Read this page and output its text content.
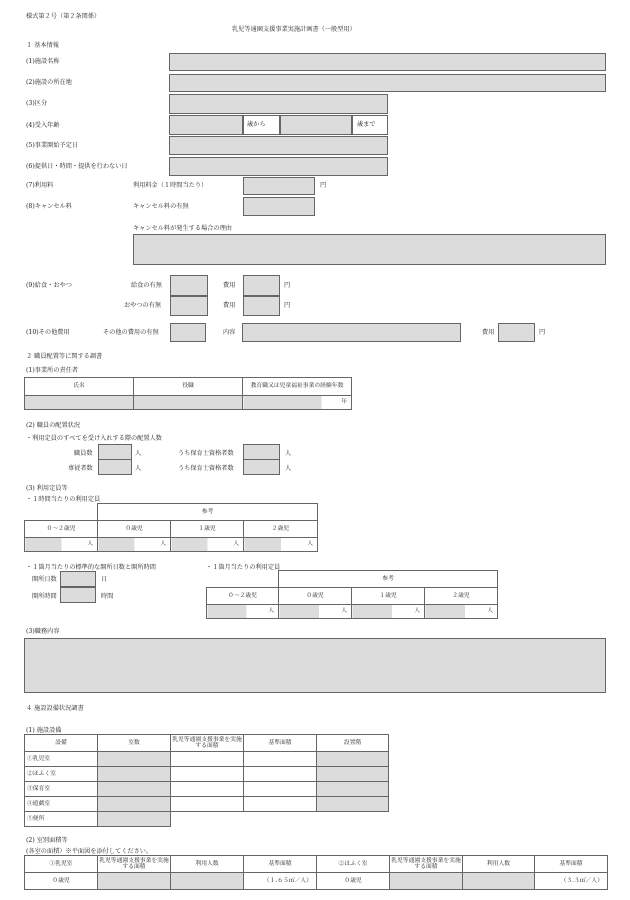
様式第２号（第２条関係）
乳児等通園支援事業実施計画書（一般型用）
１ 基本情報
(1)施設名称
(2)施設の所在地
(3)区分
(4)受入年齢	歳から	歳まで
(5)事業開始予定日
(6)提供日・時間・提供を行わない日
(7)利用料	利用料金（１時間当たり）	円
(8)キャンセル料	キャンセル料の有無
キャンセル料が発生する場合の理由
(9)給食・おやつ	給食の有無	費用	円
おやつの有無	費用	円
(10)その他費用	その他の費用の有無	内容	費用	円
２ 職員配置等に関する調書
(1)事業所の責任者
氏名	役職	教育職又は児童福祉事業の経験年数
		年
(2) 職員の配置状況
・利用定員のすべてを受け入れする際の配置人数
職員数	人	うち保育士資格者数	人
専従者数	人	うち保育士資格者数	人
(3) 利用定員等
・１時間当たりの利用定員
	参考		
０～２歳児	０歳児	１歳児	２歳児
人	人	人	人
・１箇月当たりの標準的な開所日数と開所時間
開所日数	日
開所時間	時間
・１箇月当たりの利用定員
	参考		
０～２歳児	０歳児	１歳児	２歳児
人	人	人	人
(3)職務内容
４ 施設設備状況調書
(1) 施設設備
設備	室数	乳児等通園支援事業を実施する面積	基準面積	設置階
①乳児室				
②ほふく室				
③保育室				
④遊戯室				
⑤便所				
(2) 室別面積等
(各室の面積）※平面図を添付してください。
①乳児室	乳児等通園支援事業を実施する面積	利用人数	基準面積	②ほふく室	乳児等通園支援事業を実施する面積	利用人数	基準面積
０歳児			（１.６５㎡／人）	０歳児			（３.３㎡／人）
